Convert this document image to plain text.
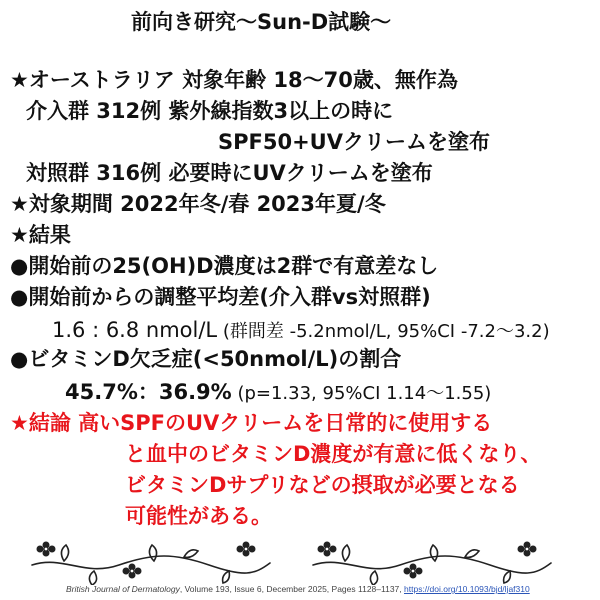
前向き研究～Sun-D試験～
★オーストラリア 対象年齢 18～70歳、無作為
介入群 312例 紫外線指数3以上の時に
SPF50+UVクリームを塗布
対照群 316例 必要時にUVクリームを塗布
★対象期間 2022年冬/春 2023年夏/冬
★結果
●開始前の25(OH)D濃度は2群で有意差なし
●開始前からの調整平均差(介入群vs対照群)
1.6 : 6.8 nmol/L (群間差 -5.2nmol/L, 95%CI -7.2～3.2)
●ビタミンD欠乏症(<50nmol/L)の割合
45.7%：36.9% (p=1.33, 95%CI 1.14～1.55)
★結論 高いSPFのUVクリームを日常的に使用する
と血中のビタミンD濃度が有意に低くなり、
ビタミンDサプリなどの摂取が必要となる
可能性がある。
British Journal of Dermatology, Volume 193, Issue 6, December 2025, Pages 1128–1137, https://doi.org/10.1093/bjd/ljaf310
